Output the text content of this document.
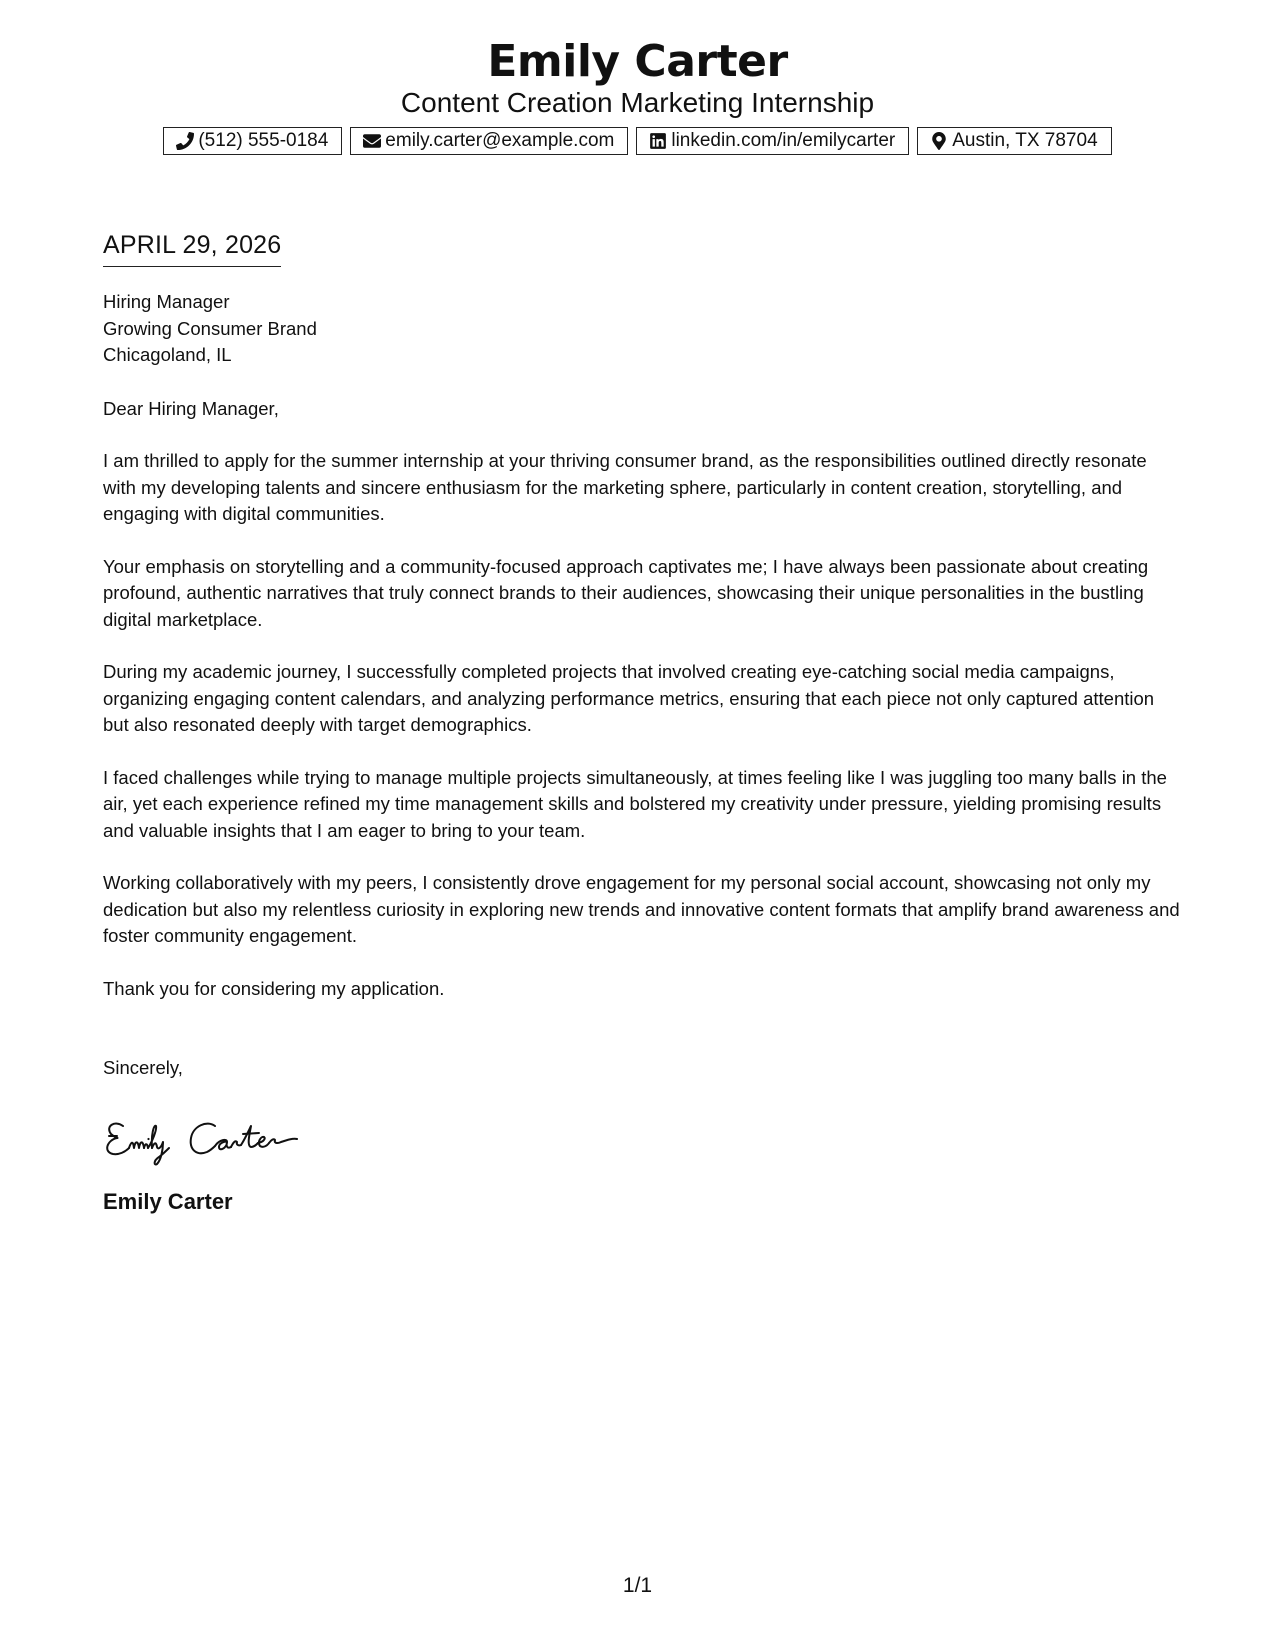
Emily Carter
Content Creation Marketing Internship
(512) 555-0184	emily.carter@example.com	linkedin.com/in/emilycarter	Austin, TX 78704
APRIL 29, 2026
Hiring Manager
Growing Consumer Brand
Chicagoland, IL
Dear Hiring Manager,
I am thrilled to apply for the summer internship at your thriving consumer brand, as the responsibilities outlined directly resonate with my developing talents and sincere enthusiasm for the marketing sphere, particularly in content creation, storytelling, and engaging with digital communities.
Your emphasis on storytelling and a community-focused approach captivates me; I have always been passionate about creating profound, authentic narratives that truly connect brands to their audiences, showcasing their unique personalities in the bustling digital marketplace.
During my academic journey, I successfully completed projects that involved creating eye-catching social media campaigns, organizing engaging content calendars, and analyzing performance metrics, ensuring that each piece not only captured attention but also resonated deeply with target demographics.
I faced challenges while trying to manage multiple projects simultaneously, at times feeling like I was juggling too many balls in the air, yet each experience refined my time management skills and bolstered my creativity under pressure, yielding promising results and valuable insights that I am eager to bring to your team.
Working collaboratively with my peers, I consistently drove engagement for my personal social account, showcasing not only my dedication but also my relentless curiosity in exploring new trends and innovative content formats that amplify brand awareness and foster community engagement.
Thank you for considering my application.
Sincerely,
Emily Carter
1/1
